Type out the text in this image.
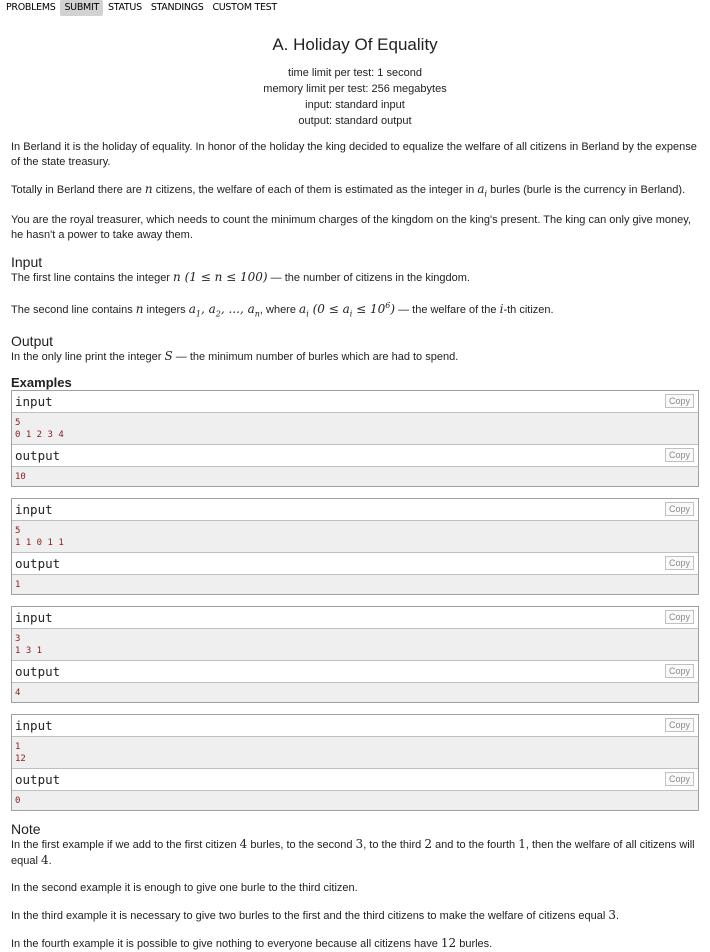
PROBLEMS SUBMIT STATUS STANDINGS CUSTOM TEST
A. Holiday Of Equality
time limit per test: 1 second
memory limit per test: 256 megabytes
input: standard input
output: standard output

In Berland it is the holiday of equality. In honor of the holiday the king decided to equalize the welfare of all citizens in Berland by the expense of the state treasury.

Totally in Berland there are n citizens, the welfare of each of them is estimated as the integer in $a_i$ burles (burle is the currency in Berland).

You are the royal treasurer, which needs to count the minimum charges of the kingdom on the king's present. The king can only give money, he hasn't a power to take away them.

Input

The first line contains the integer n (1 ≤ n ≤ 100) — the number of citizens in the kingdom.

The second line contains n integers $a_1$, $a_2$, ..., $a_n$, where $a_i$ $(0 \le a_i \le 10^6)$ — the welfare of the i-th citizen.

Output

In the only line print the integer S — the minimum number of burles which are had to spend.

Examples
input	Copy
5
0 1 2 3 4
output	Copy
10
input	Copy
5
1 1 0 1 1
output	Copy
1
input	Copy
3
1 3 1
output	Copy
4
input	Copy
1
12
output	Copy
0
Note

In the first example if we add to the first citizen 4 burles, to the second 3, to the third 2 and to the fourth 1, then the welfare of all citizens will equal 4.

In the second example it is enough to give one burle to the third citizen.

In the third example it is necessary to give two burles to the first and the third citizens to make the welfare of citizens equal 3.

In the fourth example it is possible to give nothing to everyone because all citizens have 12 burles.
